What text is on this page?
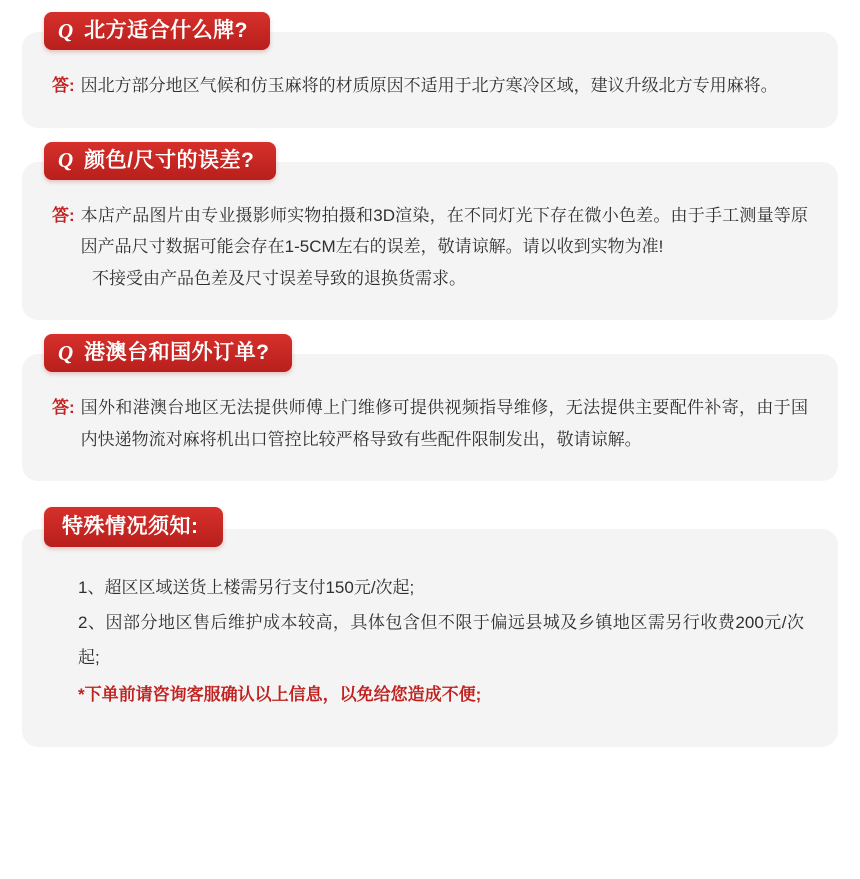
Q 北方适合什么牌?
答: 因北方部分地区气候和仿玉麻将的材质原因不适用于北方寒冷区域，建议升级北方专用麻将。
Q 颜色/尺寸的误差?
答: 本店产品图片由专业摄影师实物拍摄和3D渲染，在不同灯光下存在微小色差。由于手工测量等原因产品尺寸数据可能会存在1-5CM左右的误差，敬请谅解。请以收到实物为准!
不接受由产品色差及尺寸误差导致的退换货需求。
Q 港澳台和国外订单?
答: 国外和港澳台地区无法提供师傅上门维修可提供视频指导维修，无法提供主要配件补寄，由于国内快递物流对麻将机出口管控比较严格导致有些配件限制发出，敬请谅解。
特殊情况须知:
1、超区区域送货上楼需另行支付150元/次起;
2、因部分地区售后维护成本较高，具体包含但不限于偏远县城及乡镇地区需另行收费200元/次起;
*下单前请咨询客服确认以上信息，以免给您造成不便;
